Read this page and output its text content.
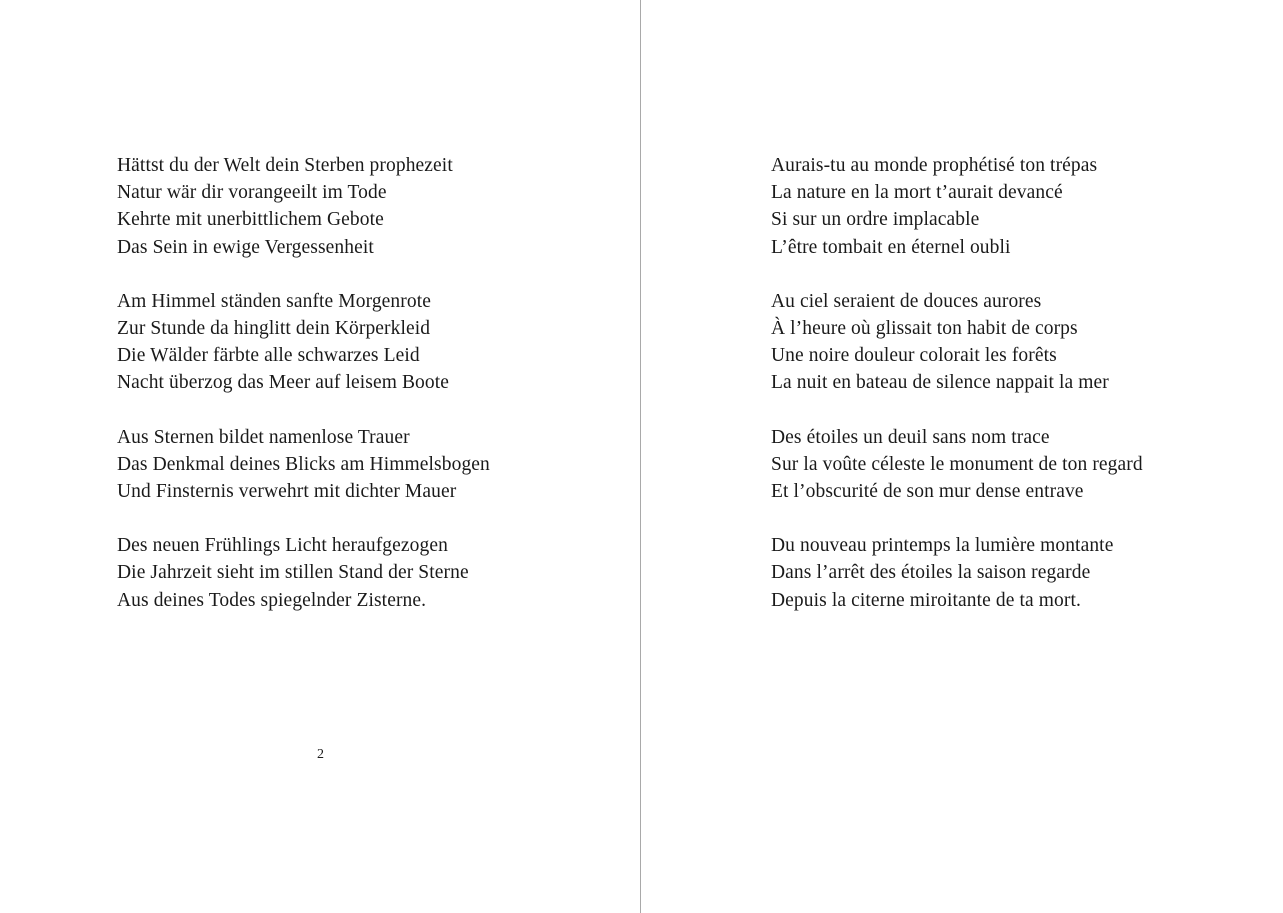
Hättst du der Welt dein Sterben prophezeit
Natur wär dir vorangeeilt im Tode
Kehrte mit unerbittlichem Gebote
Das Sein in ewige Vergessenheit
Am Himmel ständen sanfte Morgenrote
Zur Stunde da hinglitt dein Körperkleid
Die Wälder färbte alle schwarzes Leid
Nacht überzog das Meer auf leisem Boote
Aus Sternen bildet namenlose Trauer
Das Denkmal deines Blicks am Himmelsbogen
Und Finsternis verwehrt mit dichter Mauer
Des neuen Frühlings Licht heraufgezogen
Die Jahrzeit sieht im stillen Stand der Sterne
Aus deines Todes spiegelnder Zisterne.
2
Aurais-tu au monde prophétisé ton trépas
La nature en la mort t’aurait devancé
Si sur un ordre implacable
L’être tombait en éternel oubli
Au ciel seraient de douces aurores
À l’heure où glissait ton habit de corps
Une noire douleur colorait les forêts
La nuit en bateau de silence nappait la mer
Des étoiles un deuil sans nom trace
Sur la voûte céleste le monument de ton regard
Et l’obscurité de son mur dense entrave
Du nouveau printemps la lumière montante
Dans l’arrêt des étoiles la saison regarde
Depuis la citerne miroitante de ta mort.
